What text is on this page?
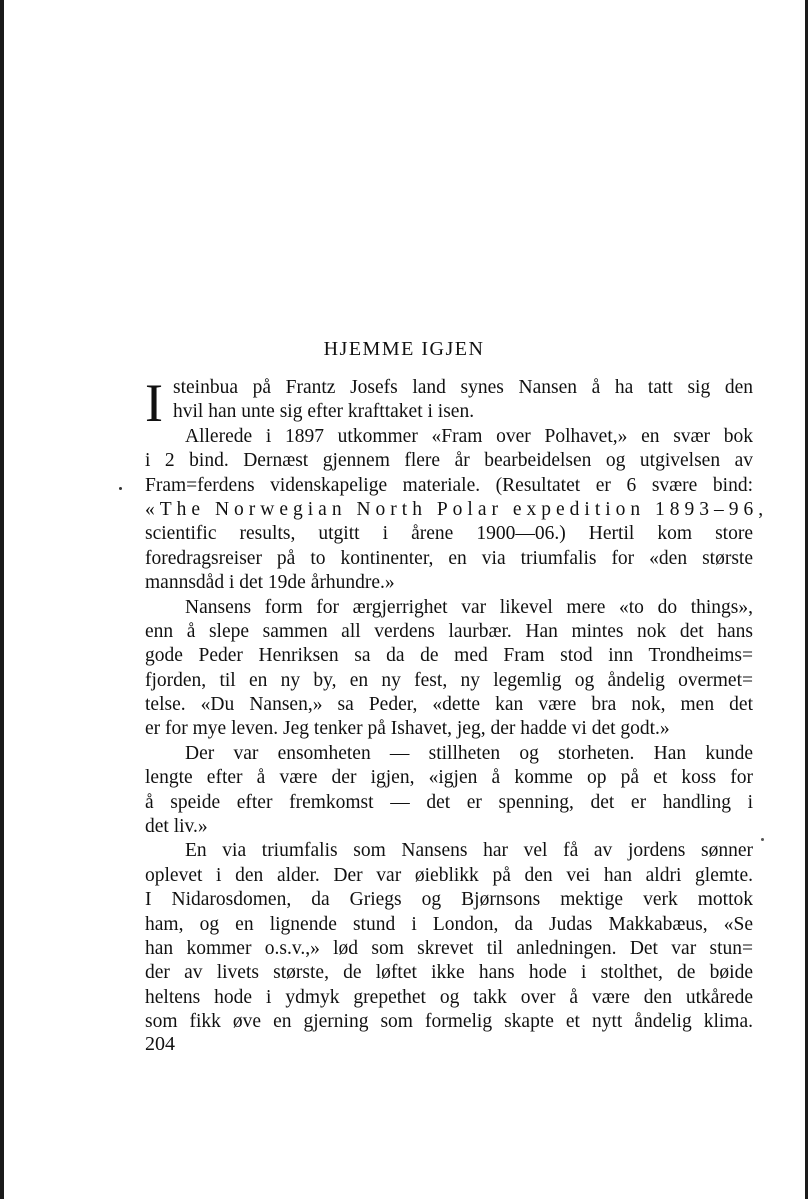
HJEMME IGJEN
I steinbua på Frantz Josefs land synes Nansen å ha tatt sig den
hvil han unte sig efter krafttaket i isen.
Allerede i 1897 utkommer «Fram over Polhavet,» en svær bok
i 2 bind. Dernæst gjennem flere år bearbeidelsen og utgivelsen av
Fram=ferdens videnskapelige materiale. (Resultatet er 6 svære bind:
«The Norwegian North Polar expedition 1893–96,
scientific results, utgitt i årene 1900—06.) Hertil kom store
foredragsreiser på to kontinenter, en via triumfalis for «den største
mannsdåd i det 19de århundre.»
Nansens form for ærgjerrighet var likevel mere «to do things»,
enn å slepe sammen all verdens laurbær. Han mintes nok det hans
gode Peder Henriksen sa da de med Fram stod inn Trondheims=
fjorden, til en ny by, en ny fest, ny legemlig og åndelig overmet=
telse. «Du Nansen,» sa Peder, «dette kan være bra nok, men det
er for mye leven. Jeg tenker på Ishavet, jeg, der hadde vi det godt.»
Der var ensomheten — stillheten og storheten. Han kunde
lengte efter å være der igjen, «igjen å komme op på et koss for
å speide efter fremkomst — det er spenning, det er handling i
det liv.»
En via triumfalis som Nansens har vel få av jordens sønner
oplevet i den alder. Der var øieblikk på den vei han aldri glemte.
I Nidarosdomen, da Griegs og Bjørnsons mektige verk mottok
ham, og en lignende stund i London, da Judas Makkabæus, «Se
han kommer o.s.v.,» lød som skrevet til anledningen. Det var stun=
der av livets største, de løftet ikke hans hode i stolthet, de bøide
heltens hode i ydmyk grepethet og takk over å være den utkårede
som fikk øve en gjerning som formelig skapte et nytt åndelig klima.
204
